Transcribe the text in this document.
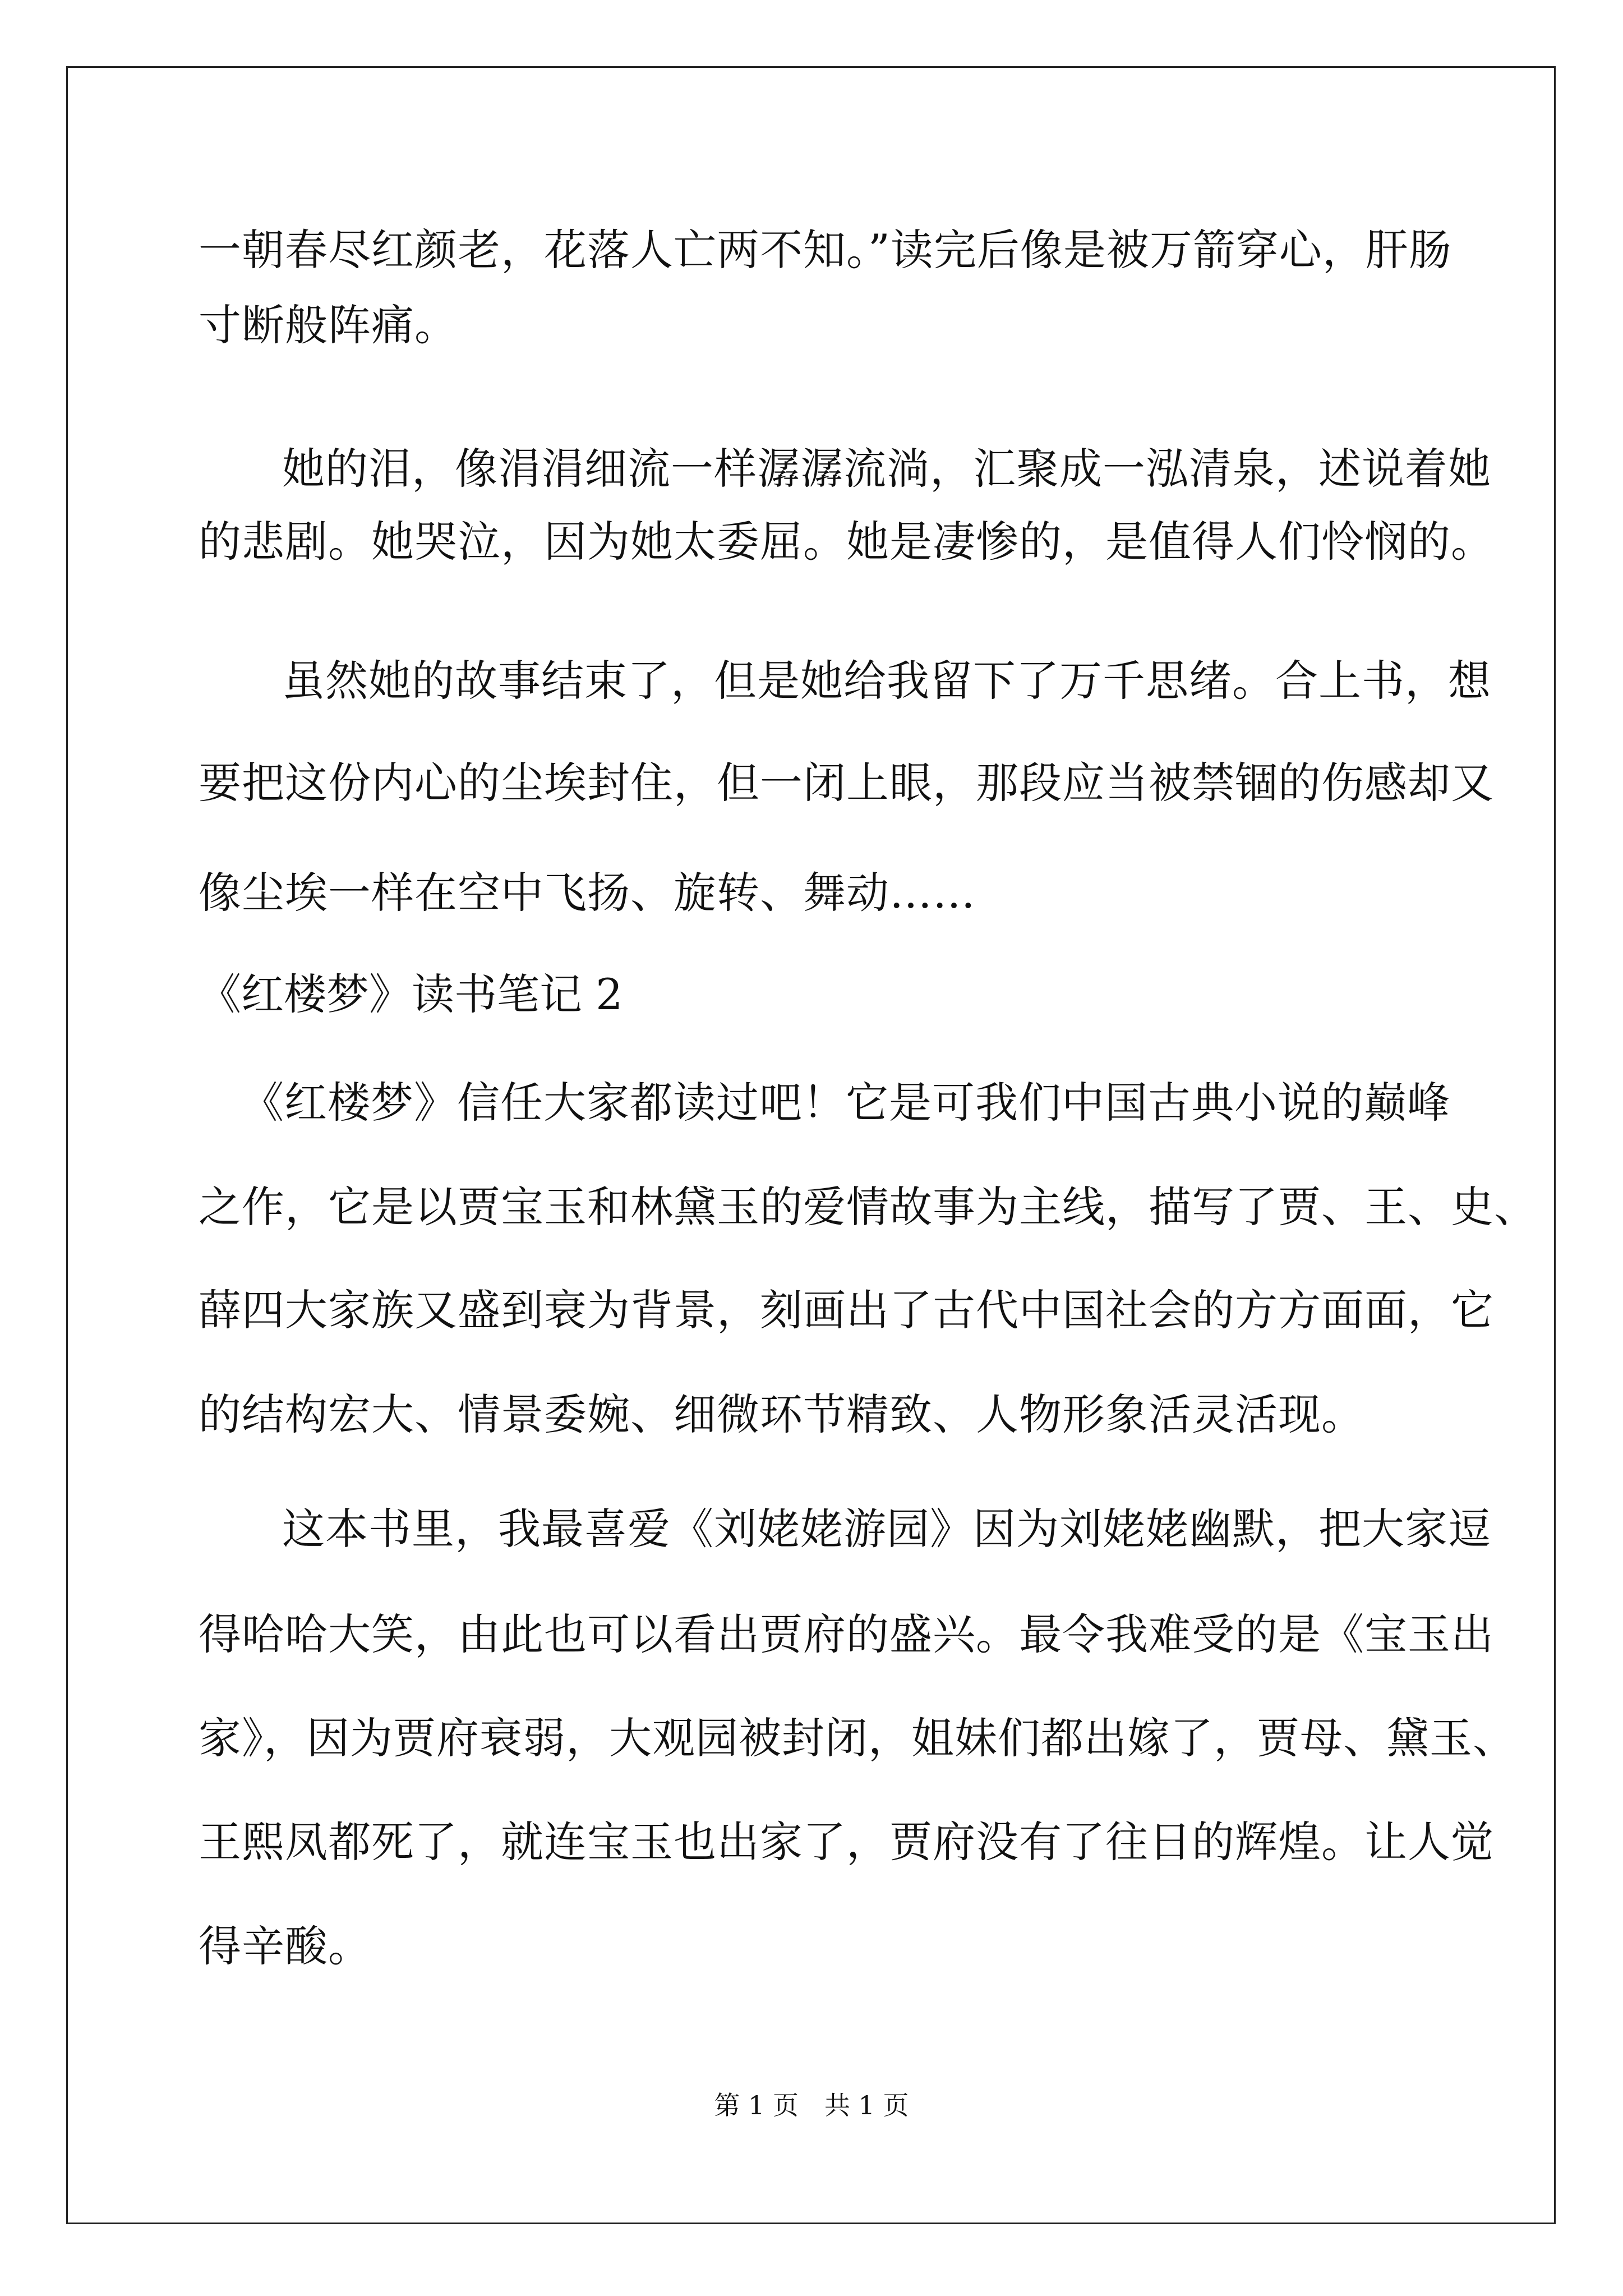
一朝春尽红颜老，花落人亡两不知。”读完后像是被万箭穿心，肝肠

寸断般阵痛。

她的泪，像涓涓细流一样潺潺流淌，汇聚成一泓清泉，述说着她

的悲剧。她哭泣，因为她太委屈。她是凄惨的，是值得人们怜悯的。

虽然她的故事结束了，但是她给我留下了万千思绪。合上书，想

要把这份内心的尘埃封住，但一闭上眼，那段应当被禁锢的伤感却又

像尘埃一样在空中飞扬、旋转、舞动……

《红楼梦》读书笔记 2

《红楼梦》信任大家都读过吧！它是可我们中国古典小说的巅峰

之作，它是以贾宝玉和林黛玉的爱情故事为主线，描写了贾、王、史、

薛四大家族又盛到衰为背景，刻画出了古代中国社会的方方面面，它

的结构宏大、情景委婉、细微环节精致、人物形象活灵活现。

这本书里，我最喜爱《刘姥姥游园》因为刘姥姥幽默，把大家逗

得哈哈大笑，由此也可以看出贾府的盛兴。最令我难受的是《宝玉出

家》，因为贾府衰弱，大观园被封闭，姐妹们都出嫁了，贾母、黛玉、

王熙凤都死了，就连宝玉也出家了，贾府没有了往日的辉煌。让人觉

得辛酸。

第 1 页　共 1 页
